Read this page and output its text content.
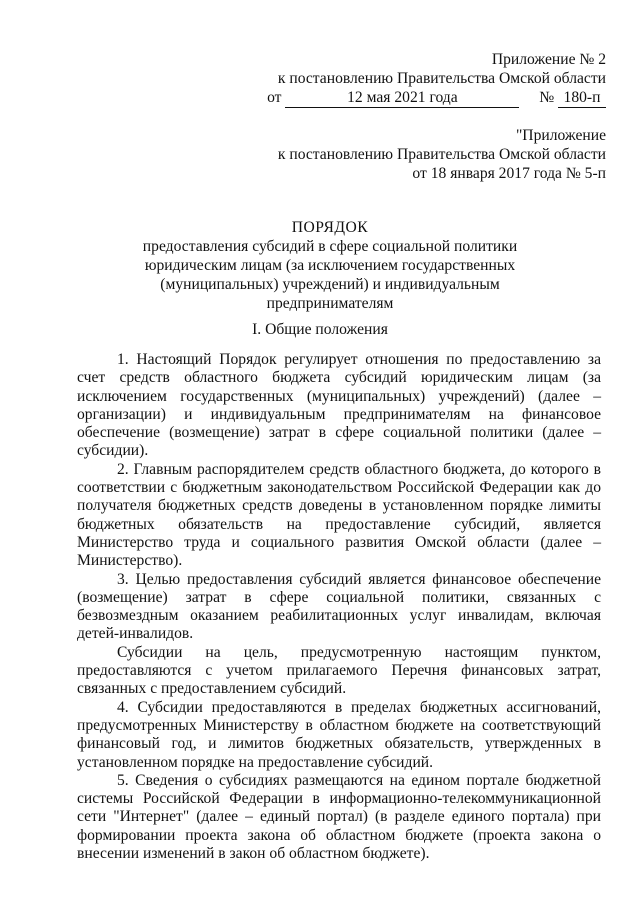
Приложение № 2
к постановлению Правительства Омской области
от	12 мая 2021 года	№ 180-п
"Приложение
к постановлению Правительства Омской области
от 18 января 2017 года № 5-п
ПОРЯДОК
предоставления субсидий в сфере социальной политики
юридическим лицам (за исключением государственных
(муниципальных) учреждений) и индивидуальным
предпринимателям
I. Общие положения

1. Настоящий Порядок регулирует отношения по предоставлению за счет средств областного бюджета субсидий юридическим лицам (за исключением государственных (муниципальных) учреждений) (далее – организации) и индивидуальным предпринимателям на финансовое обеспечение (возмещение) затрат в сфере социальной политики (далее – субсидии).

2. Главным распорядителем средств областного бюджета, до которого в соответствии с бюджетным законодательством Российской Федерации как до получателя бюджетных средств доведены в установленном порядке лимиты бюджетных обязательств на предоставление субсидий, является Министерство труда и социального развития Омской области (далее – Министерство).

3. Целью предоставления субсидий является финансовое обеспечение (возмещение) затрат в сфере социальной политики, связанных с безвозмездным оказанием реабилитационных услуг инвалидам, включая детей-инвалидов.

Субсидии на цель, предусмотренную настоящим пунктом, предоставляются с учетом прилагаемого Перечня финансовых затрат, связанных с предоставлением субсидий.

4. Субсидии предоставляются в пределах бюджетных ассигнований, предусмотренных Министерству в областном бюджете на соответствующий финансовый год, и лимитов бюджетных обязательств, утвержденных в установленном порядке на предоставление субсидий.

5. Сведения о субсидиях размещаются на едином портале бюджетной системы Российской Федерации в информационно-телекоммуникационной сети "Интернет" (далее – единый портал) (в разделе единого портала) при формировании проекта закона об областном бюджете (проекта закона о внесении изменений в закон об областном бюджете).
